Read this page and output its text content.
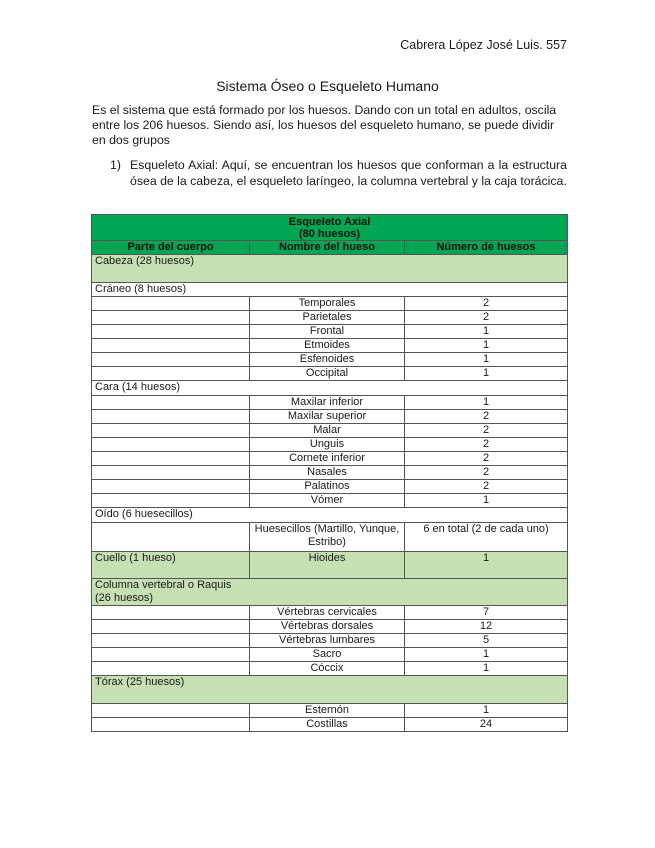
Cabrera López José Luis. 557
Sistema Óseo o Esqueleto Humano

Es el sistema que está formado por los huesos. Dando con un total en adultos, oscila entre los 206 huesos. Siendo así, los huesos del esqueleto humano, se puede dividir en dos grupos

1) Esqueleto Axial: Aquí, se encuentran los huesos que conforman a la estructura ósea de la cabeza, el esqueleto laríngeo, la columna vertebral y la caja torácica.
Esqueleto Axial
(80 huesos)		
Parte del cuerpo	Nombre del hueso	Número de huesos
Cabeza (28 huesos)		
Cráneo (8 huesos)		
	Temporales	2
	Parietales	2
	Frontal	1
	Etmoides	1
	Esfenoides	1
	Occipital	1
Cara (14 huesos)		
	Maxilar inferior	1
	Maxilar superior	2
	Malar	2
	Unguis	2
	Cornete inferior	2
	Nasales	2
	Palatinos	2
	Vómer	1
Oído (6 huesecillos)		
	Huesecillos (Martillo, Yunque, Estribo)	6 en total (2 de cada uno)
Cuello (1 hueso)	Hioides	1

Columna vertebral o Raquis (26 huesos)		

	Vértebras cervicales	7
	Vértebras dorsales	12
	Vértebras lumbares	5
	Sacro	1
	Cóccix	1
Tórax (25 huesos)		
	Esternón	1
	Costillas	24
